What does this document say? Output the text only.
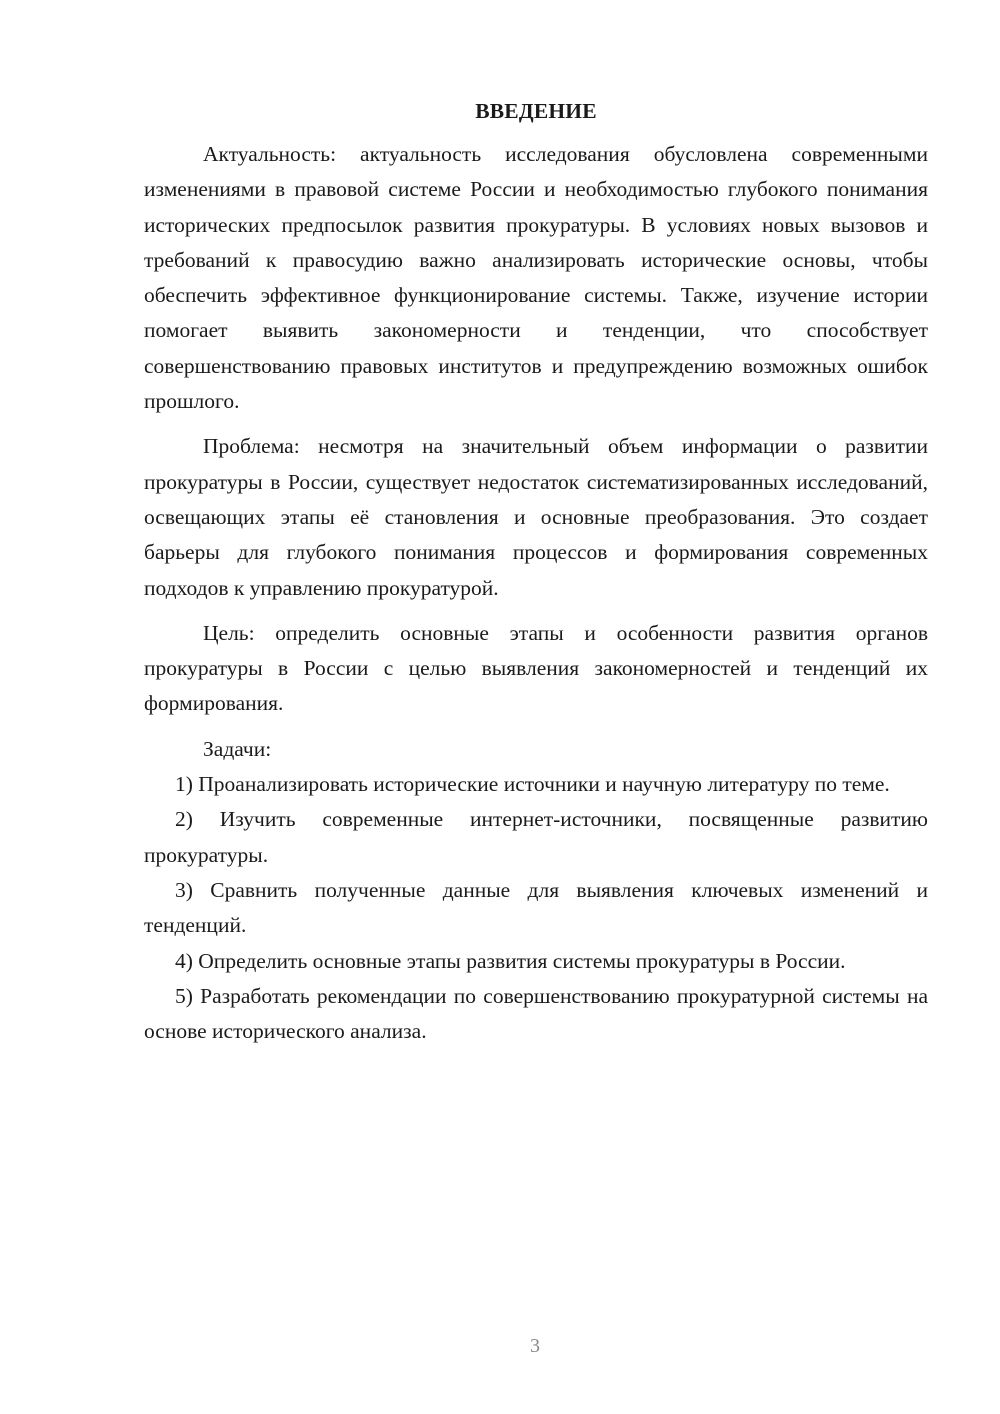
ВВЕДЕНИЕ

Актуальность: актуальность исследования обусловлена современными изменениями в правовой системе России и необходимостью глубокого понимания исторических предпосылок развития прокуратуры. В условиях новых вызовов и требований к правосудию важно анализировать исторические основы, чтобы обеспечить эффективное функционирование системы. Также, изучение истории помогает выявить закономерности и тенденции, что способствует совершенствованию правовых институтов и предупреждению возможных ошибок прошлого.

Проблема: несмотря на значительный объем информации о развитии прокуратуры в России, существует недостаток систематизированных исследований, освещающих этапы её становления и основные преобразования. Это создает барьеры для глубокого понимания процессов и формирования современных подходов к управлению прокуратурой.

Цель: определить основные этапы и особенности развития органов прокуратуры в России с целью выявления закономерностей и тенденций их формирования.

Задачи:

1) Проанализировать исторические источники и научную литературу по теме.

2) Изучить современные интернет-источники, посвященные развитию прокуратуры.

3) Сравнить полученные данные для выявления ключевых изменений и тенденций.

4) Определить основные этапы развития системы прокуратуры в России.

5) Разработать рекомендации по совершенствованию прокуратурной системы на основе исторического анализа.

3
